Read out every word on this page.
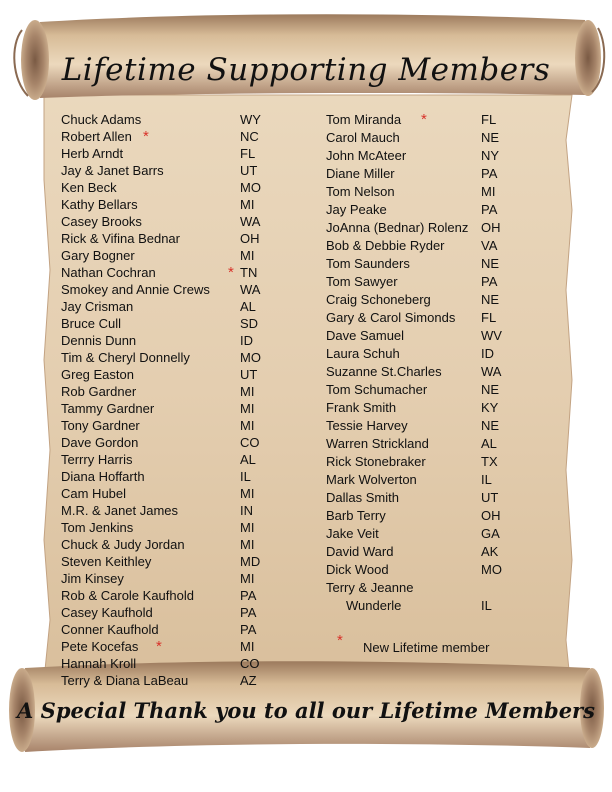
Lifetime Supporting Members
Chuck Adams	WY
Robert Allen *	NC
Herb Arndt	FL
Jay & Janet Barrs	UT
Ken Beck	MO
Kathy Bellars	MI
Casey Brooks	WA
Rick & Vifina Bednar	OH
Gary Bogner	MI
Nathan Cochran	* TN
Smokey and Annie Crews WA
Jay Crisman	AL
Bruce Cull	SD
Dennis Dunn	ID
Tim & Cheryl Donnelly	MO
Greg Easton	UT
Rob Gardner	MI
Tammy Gardner	MI
Tony Gardner	MI
Dave Gordon	CO
Terrry Harris	AL
Diana Hoffarth	IL
Cam Hubel	MI
M.R. & Janet James	IN
Tom Jenkins	MI
Chuck & Judy Jordan	MI
Steven Keithley	MD
Jim Kinsey	MI
Rob & Carole Kaufhold	PA
Casey Kaufhold	PA
Conner Kaufhold	PA
Pete Kocefas *	MI
Hannah Kroll	CO
Terry & Diana LaBeau	AZ
Tom Miranda *	FL
Carol Mauch	NE
John McAteer	NY
Diane Miller	PA
Tom Nelson	MI
Jay Peake	PA
JoAnna (Bednar) Rolenz OH
Bob & Debbie Ryder	VA
Tom Saunders	NE
Tom Sawyer	PA
Craig Schoneberg	NE
Gary & Carol Simonds FL
Dave Samuel	WV
Laura Schuh	ID
Suzanne St.Charles	WA
Tom Schumacher	NE
Frank Smith	KY
Tessie Harvey	NE
Warren Strickland	AL
Rick Stonebraker	TX
Mark Wolverton	IL
Dallas Smith	UT
Barb Terry	OH
Jake Veit	GA
David Ward	AK
Dick Wood	MO
Terry & Jeanne
Wunderle	IL
* New Lifetime member
A Special Thank you to all our Lifetime Members
